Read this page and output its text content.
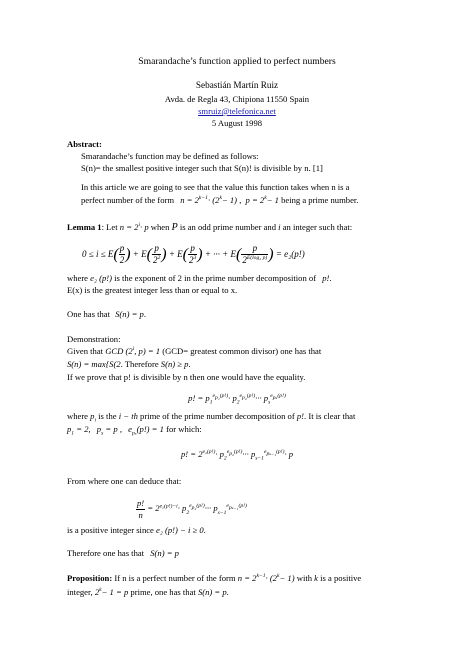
Smarandache’s function applied to perfect numbers
Sebastián Martín Ruiz
Avda. de Regla 43, Chipiona 11550 Spain
smruiz@telefonica.net
5 August 1998
Abstract:
Smarandache’s function may be defined as follows:
S(n)= the smallest positive integer such that S(n)! is divisible by n. [1]
In this article we are going to see that the value this function takes when n is a
perfect number of the form $n = 2^{k-1}\cdot (2^k- 1)$ , $p = 2^k- 1$ being a prime number.
Lemma 1: Let $n = 2^i\cdot p$ when P is an odd prime number and i an integer such that:
$0 \le i \le E( \frac{p}{2}$ ) + $E( \frac{p}{2^2}$ ) + $E( \frac{p}{2^3}$ ) + ··· + $E( \frac{p}{2^{E(log_2 p)}}$ ) = e₂(p!)
where e₂ (p!) is the exponent of 2 in the prime number decomposition of p!.
E(x) is the greatest integer less than or equal to x.
One has that S(n) = p.
Demonstration:
Given that GCD (2$^i$, p) = 1 (GCD= greatest common divisor) one has that
S(n) = max{S(2. Therefore S(n) ≥ p.
If we prove that p! is divisible by n then one would have the equality.
p! = $p_1^{e_{p_1}(p!)}\cdot p_2^{e_{p_2}(p!)}\cdot\cdot\cdot p_s^{e_{p_s}(p!)}$
where $p_i$ is the i − th prime of the prime number decomposition of p!. It is clear that
$p_1 = 2$, $p_s = p$ , $e_{p_s}(p!) = 1$ for which:
p! = $2^{e_2(p!)}\cdot p_2^{e_{p_2}(p!)}\cdot\cdot\cdot p_{s-1}^{e_{p_{s-1}}(p!)}\cdot p$
From where one can deduce that:
$\frac{p!}{n} = 2^{e_2(p!)-i}\cdot p_2^{e_{p_2}(p!)}\cdot\cdot\cdot p_{s-1}^{e_{p_{s-1}}(p!)}$
is a positive integer since e₂ (p!) − i ≥ 0.
Therefore one has that S(n) = p
Proposition: If n is a perfect number of the form $n = 2^{k-1}\cdot (2^k- 1)$ with k is a positive
integer, $2^k- 1 = p$ prime, one has that S(n) = p.
